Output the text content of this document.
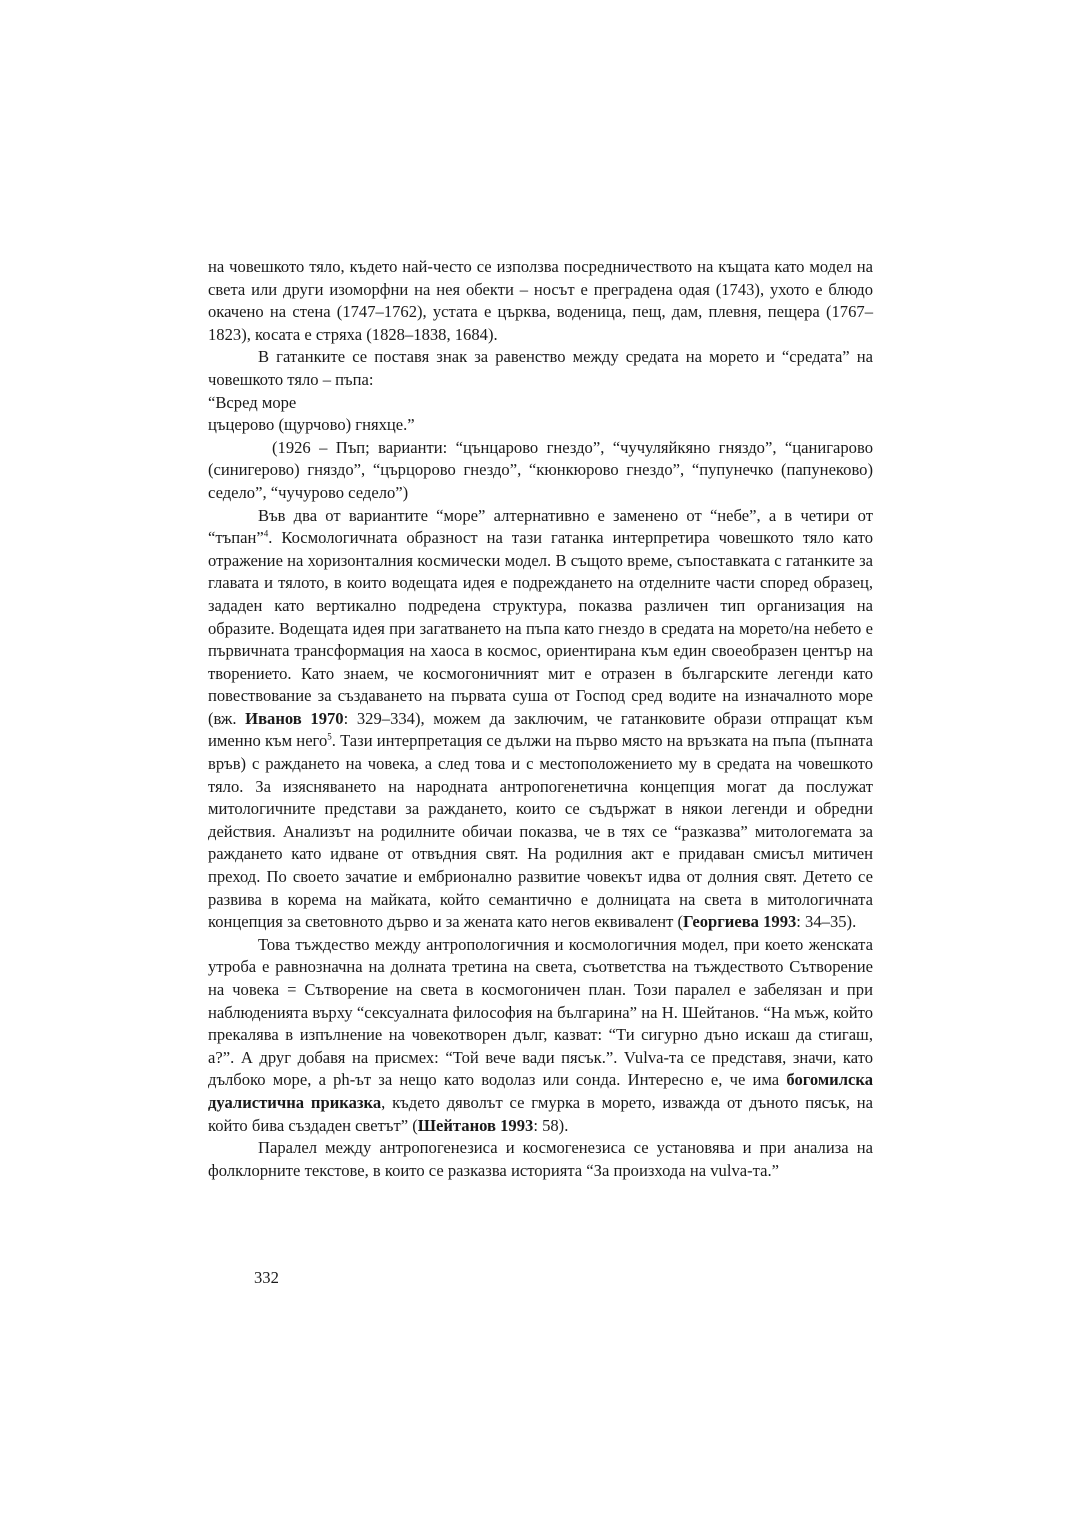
на човешкото тяло, където най-често се използва посредничеството на къщата като модел на света или други изоморфни на нея обекти – носът е преградена одая (1743), ухото е блюдо окачено на стена (1747–1762), устата е църква, воденица, пещ, дам, плевня, пещера (1767–1823), косата е стряха (1828–1838, 1684).

В гатанките се поставя знак за равенство между средата на морето и “средата” на човешкото тяло – пъпа:

“Всред море

цъцерово (щурчово) гняхце.”

(1926 – Пъп; варианти: “цънцарово гнездо”, “чучуляйкяно гняздо”, “цанигарово (синигерово) гняздо”, “църцорово гнездо”, “кюнкюрово гнездо”, “пупунечко (папунеково) седело”, “чучурово седело”)

Във два от вариантите “море” алтернативно е заменено от “небе”, а в четири от “тъпан”$^4$. Космологичната образност на тази гатанка интерпретира човешкото тяло като отражение на хоризонталния космически модел. В същото време, съпоставката с гатанките за главата и тялото, в които водещата идея е подреждането на отделните части според образец, зададен като вертикално подредена структура, показва различен тип организация на образите. Водещата идея при загатването на пъпа като гнездо в средата на морето/на небето е първичната трансформация на хаоса в космос, ориентирана към един своеобразен център на творението. Като знаем, че космогоничният мит е отразен в българските легенди като повествование за създаването на първата суша от Господ сред водите на изначалното море (вж. Иванов 1970: 329–334), можем да заключим, че гатанковите образи отпращат към именно към него$^5$. Тази интерпретация се дължи на първо място на връзката на пъпа (пъпната връв) с раждането на човека, а след това и с местоположението му в средата на човешкото тяло. За изясняването на народната антропогенетична концепция могат да послужат митологичните представи за раждането, които се съдържат в някои легенди и обредни действия. Анализът на родилните обичаи показва, че в тях се “разказва” митологемата за раждането като идване от отвъдния свят. На родилния акт е придаван смисъл митичен преход. По своето зачатие и ембрионално развитие човекът идва от долния свят. Детето се развива в корема на майката, който семантично е долницата на света в митологичната концепция за световното дърво и за жената като негов еквивалент (Георгиева 1993: 34–35).

Това тъждество между антропологичния и космологичния модел, при което женската утроба е равнозначна на долната третина на света, съответства на тъждеството Сътворение на човека = Сътворение на света в космогоничен план. Този паралел е забелязан и при наблюденията върху “сексуалната философия на българина” на Н. Шейтанов. “На мъж, който прекалява в изпълнение на човекотворен дълг, казват: “Ти сигурно дъно искаш да стигаш, а?”. А друг добавя на присмех: “Той вече вади пясък.”. Vulva-та се представя, значи, като дълбоко море, а ph-ът за нещо като водолаз или сонда. Интересно е, че има богомилска дуалистична приказка, където дяволът се гмурка в морето, изважда от дъното пясък, на който бива създаден светът” (Шейтанов 1993: 58).

Паралел между антропогенезиса и космогенезиса се установява и при анализа на фолклорните текстове, в които се разказва историята “За произхода на vulva-та.”

332
